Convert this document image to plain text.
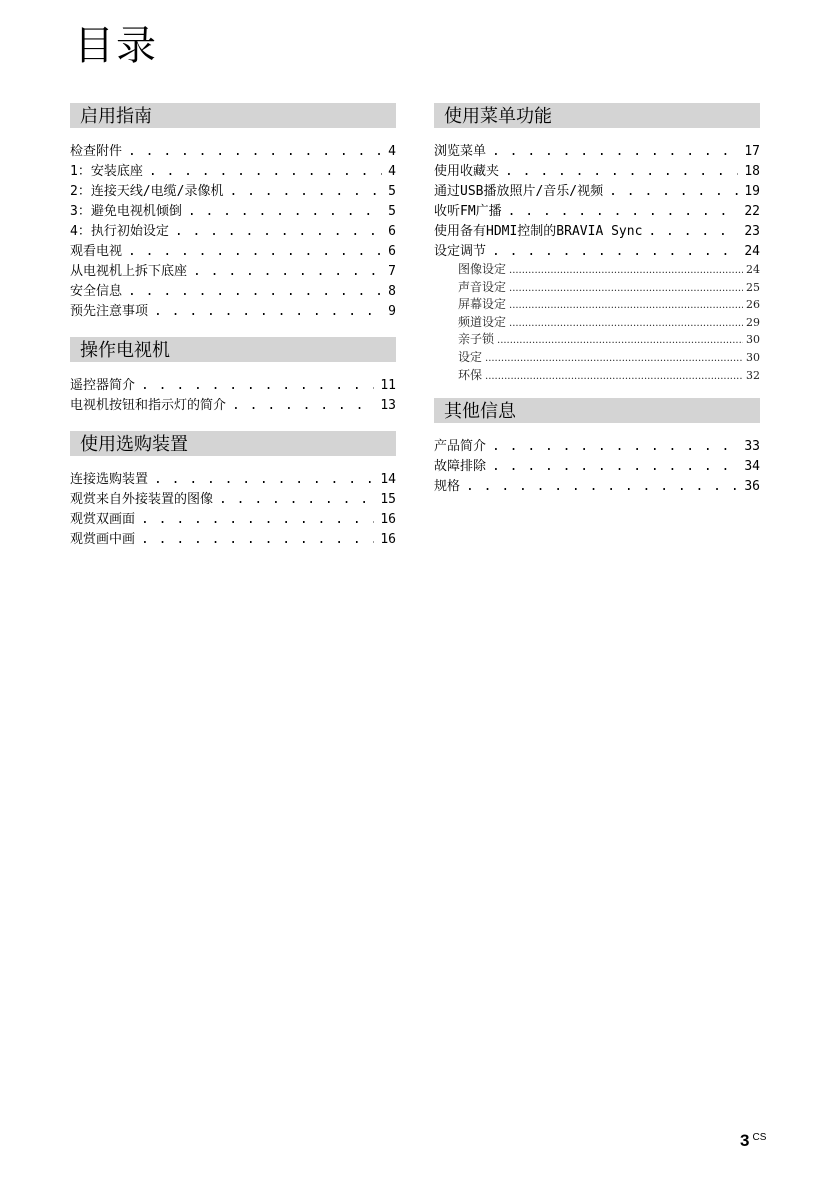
目录
启用指南
检查附件 . . .	4
1：安装底座 . . .	4
2：连接天线/电缆/录像机 . . .	5
3：避免电视机倾倒 . . .	5
4：执行初始设定 . . .	6
观看电视 . . .	6
从电视机上拆下底座 . . .	7
安全信息 . . .	8
预先注意事项 . . .	9
操作电视机
遥控器简介 . . .	11
电视机按钮和指示灯的简介 . . .	13
使用选购装置
连接选购装置 . . .	14
观赏来自外接装置的图像 . . .	15
观赏双画面 . . .	16
观赏画中画 . . .	16
使用菜单功能
浏览菜单 . . .	17
使用收藏夹 . . .	18
通过USB播放照片/音乐/视频 . . .	19
收听FM广播 . . .	22
使用备有HDMI控制的BRAVIA Sync . . .	23
设定调节 . . .	24
图像设定 .....	24
声音设定 .....	25
屏幕设定 .....	26
频道设定 .....	29
亲子锁 .....	30
设定 .....	30
环保 .....	32
其他信息
产品简介 . . .	33
故障排除 . . .	34
规格 . . .	36
3 $^{CS}$
